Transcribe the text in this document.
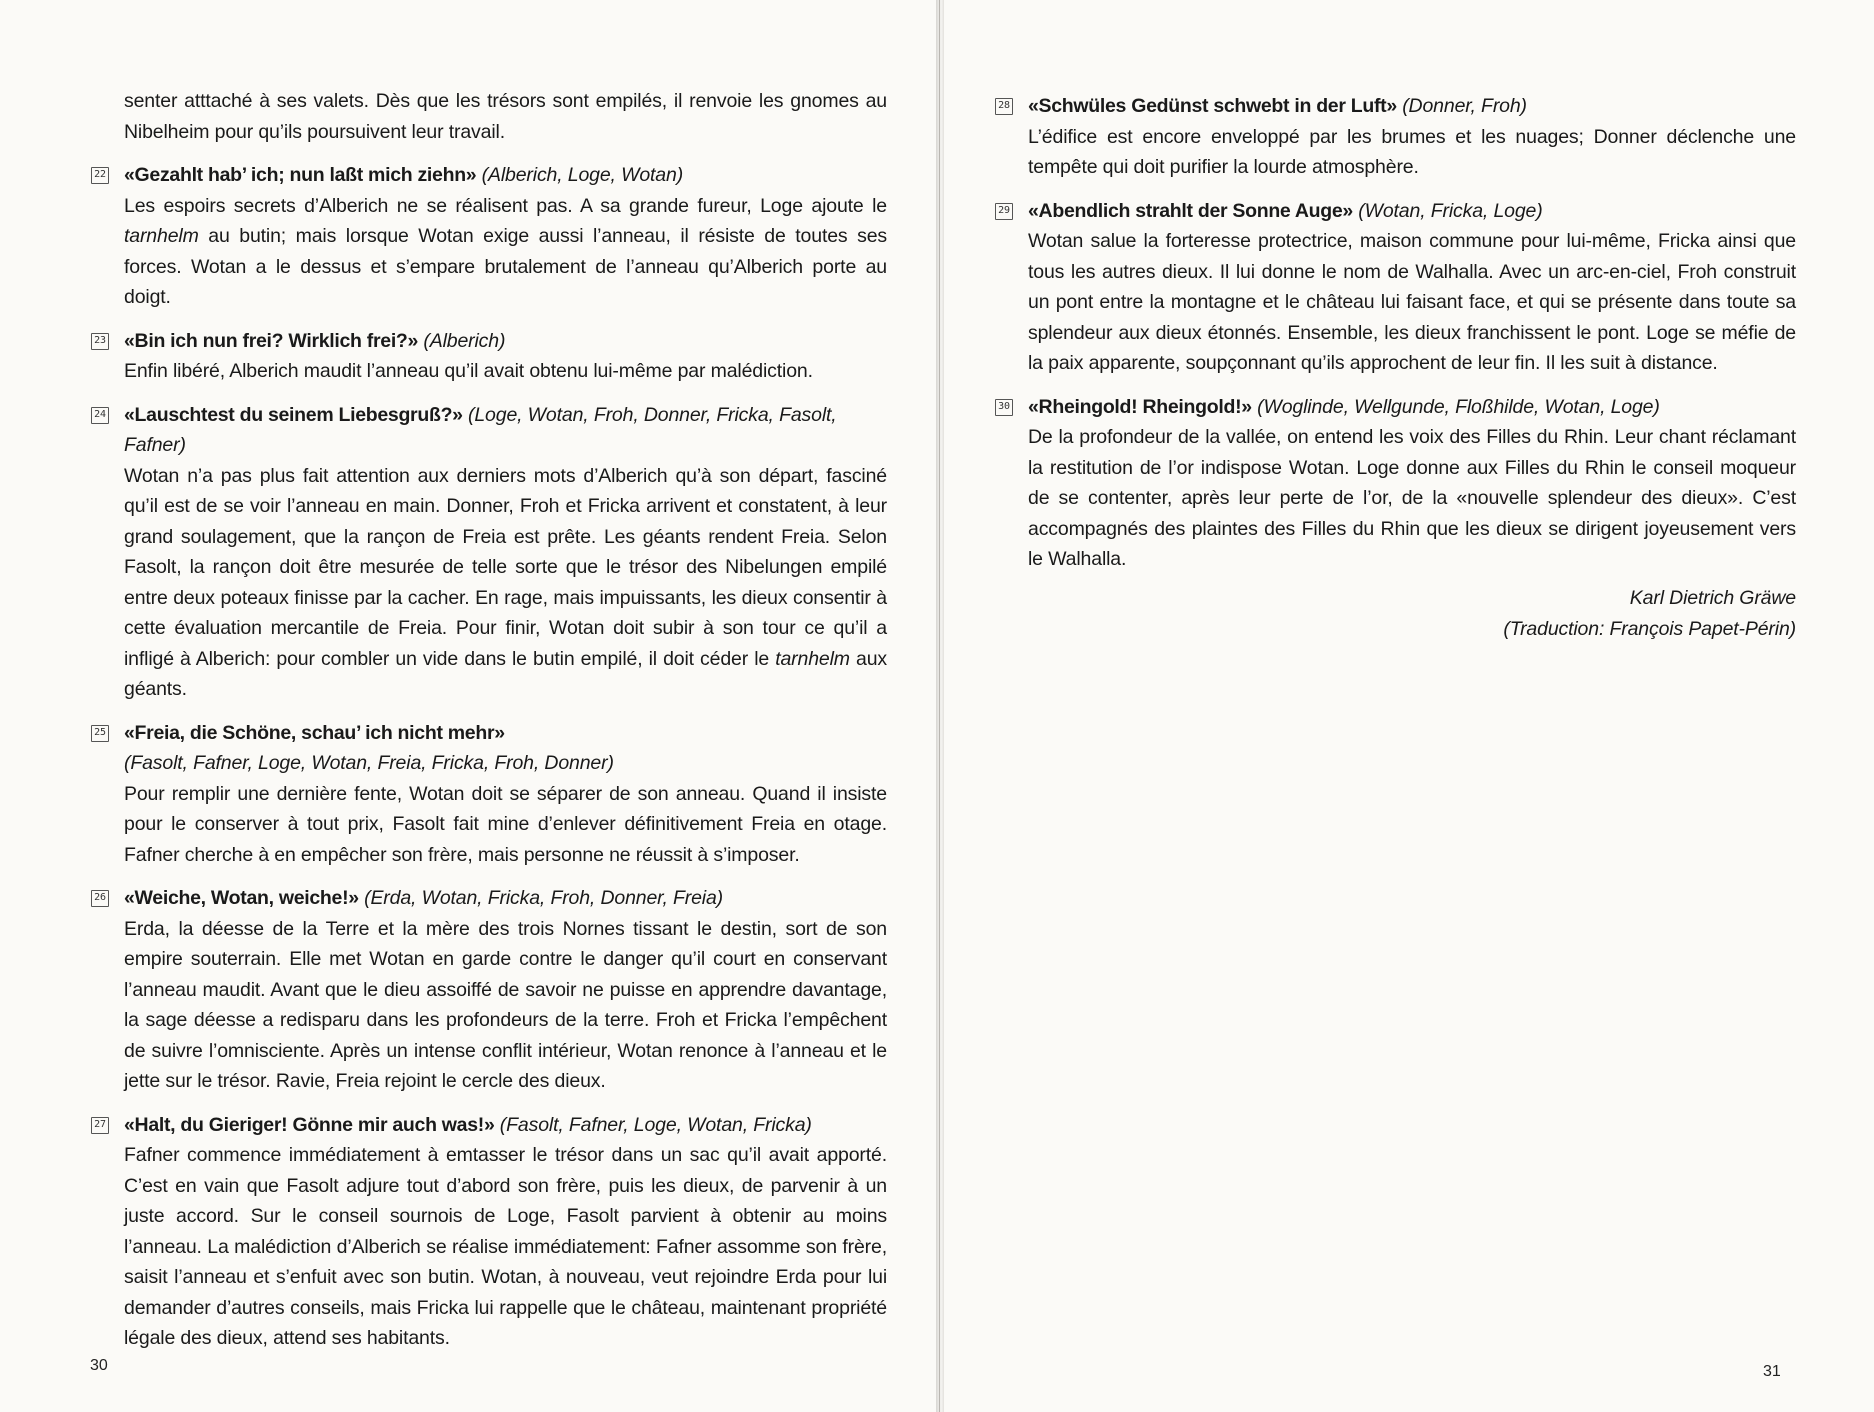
senter atttaché à ses valets. Dès que les trésors sont empilés, il renvoie les gnomes au Nibelheim pour qu’ils poursuivent leur travail.

22 «Gezahlt hab’ ich; nun laßt mich ziehn» (Alberich, Loge, Wotan)
Les espoirs secrets d’Alberich ne se réalisent pas. A sa grande fureur, Loge ajoute le tarnhelm au butin; mais lorsque Wotan exige aussi l’anneau, il résiste de toutes ses forces. Wotan a le dessus et s’empare brutalement de l’anneau qu’Alberich porte au doigt.
23 «Bin ich nun frei? Wirklich frei?» (Alberich)
Enfin libéré, Alberich maudit l’anneau qu’il avait obtenu lui-même par malédiction.
24 «Lauschtest du seinem Liebesgruß?» (Loge, Wotan, Froh, Donner, Fricka, Fasolt, Fafner)
Wotan n’a pas plus fait attention aux derniers mots d’Alberich qu’à son départ, fasciné qu’il est de se voir l’anneau en main. Donner, Froh et Fricka arrivent et constatent, à leur grand soulagement, que la rançon de Freia est prête. Les géants rendent Freia. Selon Fasolt, la rançon doit être mesurée de telle sorte que le trésor des Nibelungen empilé entre deux poteaux finisse par la cacher. En rage, mais impuissants, les dieux consentir à cette évaluation mercantile de Freia. Pour finir, Wotan doit subir à son tour ce qu’il a infligé à Alberich: pour combler un vide dans le butin empilé, il doit céder le tarnhelm aux géants.
25 «Freia, die Schöne, schau’ ich nicht mehr»
(Fasolt, Fafner, Loge, Wotan, Freia, Fricka, Froh, Donner)
Pour remplir une dernière fente, Wotan doit se séparer de son anneau. Quand il insiste pour le conserver à tout prix, Fasolt fait mine d’enlever définitivement Freia en otage. Fafner cherche à en empêcher son frère, mais personne ne réussit à s’imposer.
26 «Weiche, Wotan, weiche!» (Erda, Wotan, Fricka, Froh, Donner, Freia)
Erda, la déesse de la Terre et la mère des trois Nornes tissant le destin, sort de son empire souterrain. Elle met Wotan en garde contre le danger qu’il court en conservant l’anneau maudit. Avant que le dieu assoiffé de savoir ne puisse en apprendre davantage, la sage déesse a redisparu dans les profondeurs de la terre. Froh et Fricka l’empêchent de suivre l’omnisciente. Après un intense conflit intérieur, Wotan renonce à l’anneau et le jette sur le trésor. Ravie, Freia rejoint le cercle des dieux.
27 «Halt, du Gieriger! Gönne mir auch was!» (Fasolt, Fafner, Loge, Wotan, Fricka)
Fafner commence immédiatement à emtasser le trésor dans un sac qu’il avait apporté. C’est en vain que Fasolt adjure tout d’abord son frère, puis les dieux, de parvenir à un juste accord. Sur le conseil sournois de Loge, Fasolt parvient à obtenir au moins l’anneau. La malédiction d’Alberich se réalise immédiatement: Fafner assomme son frère, saisit l’anneau et s’enfuit avec son butin. Wotan, à nouveau, veut rejoindre Erda pour lui demander d’autres conseils, mais Fricka lui rappelle que le château, maintenant propriété légale des dieux, attend ses habitants.
30
28 «Schwüles Gedünst schwebt in der Luft» (Donner, Froh)
L’édifice est encore enveloppé par les brumes et les nuages; Donner déclenche une tempête qui doit purifier la lourde atmosphère.
29 «Abendlich strahlt der Sonne Auge» (Wotan, Fricka, Loge)
Wotan salue la forteresse protectrice, maison commune pour lui-même, Fricka ainsi que tous les autres dieux. Il lui donne le nom de Walhalla. Avec un arc-en-ciel, Froh construit un pont entre la montagne et le château lui faisant face, et qui se présente dans toute sa splendeur aux dieux étonnés. Ensemble, les dieux franchissent le pont. Loge se méfie de la paix apparente, soupçonnant qu’ils approchent de leur fin. Il les suit à distance.
30 «Rheingold! Rheingold!» (Woglinde, Wellgunde, Floßhilde, Wotan, Loge)
De la profondeur de la vallée, on entend les voix des Filles du Rhin. Leur chant réclamant la restitution de l’or indispose Wotan. Loge donne aux Filles du Rhin le conseil moqueur de se contenter, après leur perte de l’or, de la «nouvelle splendeur des dieux». C’est accompagnés des plaintes des Filles du Rhin que les dieux se dirigent joyeusement vers le Walhalla.
Karl Dietrich Gräwe
(Traduction: François Papet-Périn)
31
